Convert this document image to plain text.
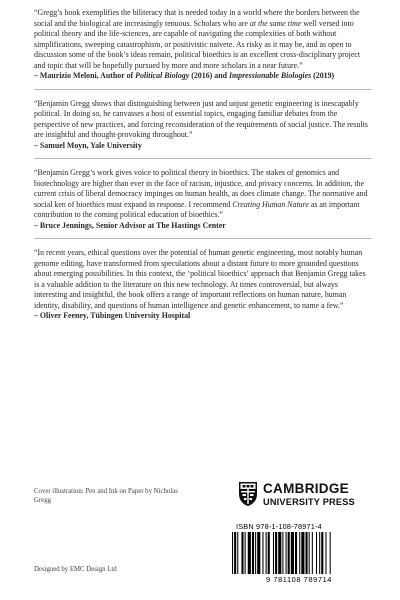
“Gregg’s book exemplifies the biliteracy that is needed today in a world where the borders between the social and the biological are increasingly tenuous. Scholars who are at the same time well versed into political theory and the life-sciences, are capable of navigating the complexities of both without simplifications, sweeping catastrophism, or positivistic naivete. As risky as it may be, and as open to discussion some of the book’s ideas remain, political bioethics is an excellent cross-disciplinary project and topic that will be hopefully pursued by more and more scholars in a near future.”

– Maurizio Meloni, Author of Political Biology (2016) and Impressionable Biologies (2019)

“Benjamin Gregg shows that distinguishing between just and unjust genetic engineering is inescapably political. In doing so, he canvasses a host of essential topics, engaging familiar debates from the perspective of new practices, and forcing reconsideration of the requirements of social justice. The results are insightful and thought-provoking throughout.”

– Samuel Moyn, Yale University

“Benjamin Gregg’s work gives voice to political theory in bioethics. The stakes of genomics and biotechnology are higher than ever in the face of racism, injustice, and privacy concerns. In addition, the current crisis of liberal democracy impinges on human health, as does climate change. The normative and social ken of bioethics must expand in response. I recommend Creating Human Nature as an important contribution to the coming political education of bioethics.”

– Bruce Jennings, Senior Advisor at The Hastings Center

“In recent years, ethical questions over the potential of human genetic engineering, most notably human genome editing, have transformed from speculations about a distant future to more grounded questions about emerging possibilities. In this context, the ‘political bioethics’ approach that Benjamin Gregg takes is a valuable addition to the literature on this new technology. At times controversial, but always interesting and insightful, the book offers a range of important reflections on human nature, human identity, disability, and questions of human intelligence and genetic enhancement, to name a few.”

– Oliver Feeney, Tübingen University Hospital

Cover illustration: Pen and Ink on Paper by Nicholas Gregg
CAMBRIDGE
UNIVERSITY PRESS
ISBN 978-1-108-78971-4
9 781108 789714
Designed by EMC Design Ltd
